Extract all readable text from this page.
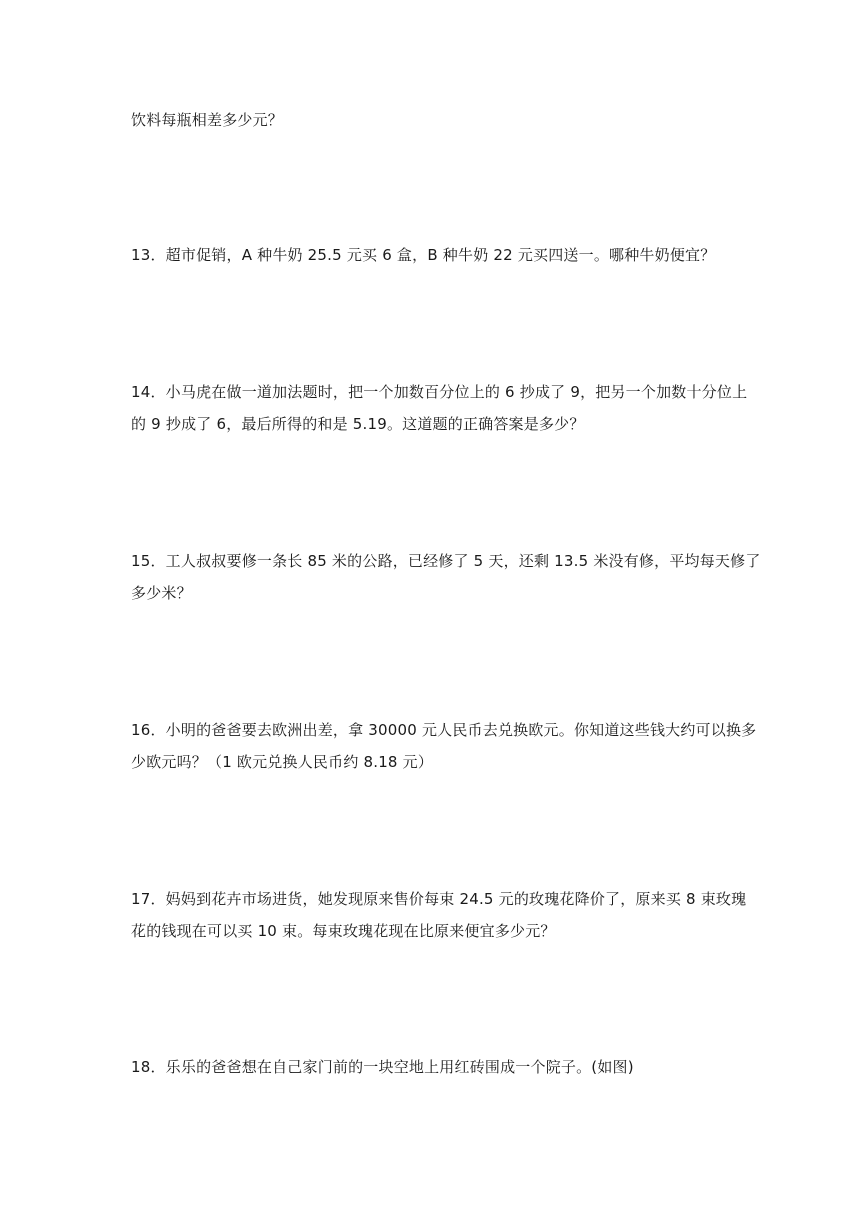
饮料每瓶相差多少元？
13．超市促销，A 种牛奶 25.5 元买 6 盒，B 种牛奶 22 元买四送一。哪种牛奶便宜？
14．小马虎在做一道加法题时，把一个加数百分位上的 6 抄成了 9，把另一个加数十分位上
的 9 抄成了 6，最后所得的和是 5.19。这道题的正确答案是多少？
15．工人叔叔要修一条长 85 米的公路，已经修了 5 天，还剩 13.5 米没有修，平均每天修了
多少米？
16．小明的爸爸要去欧洲出差，拿 30000 元人民币去兑换欧元。你知道这些钱大约可以换多
少欧元吗？（1 欧元兑换人民币约 8.18 元）
17．妈妈到花卉市场进货，她发现原来售价每束 24.5 元的玫瑰花降价了，原来买 8 束玫瑰
花的钱现在可以买 10 束。每束玫瑰花现在比原来便宜多少元？
18．乐乐的爸爸想在自己家门前的一块空地上用红砖围成一个院子。(如图)
